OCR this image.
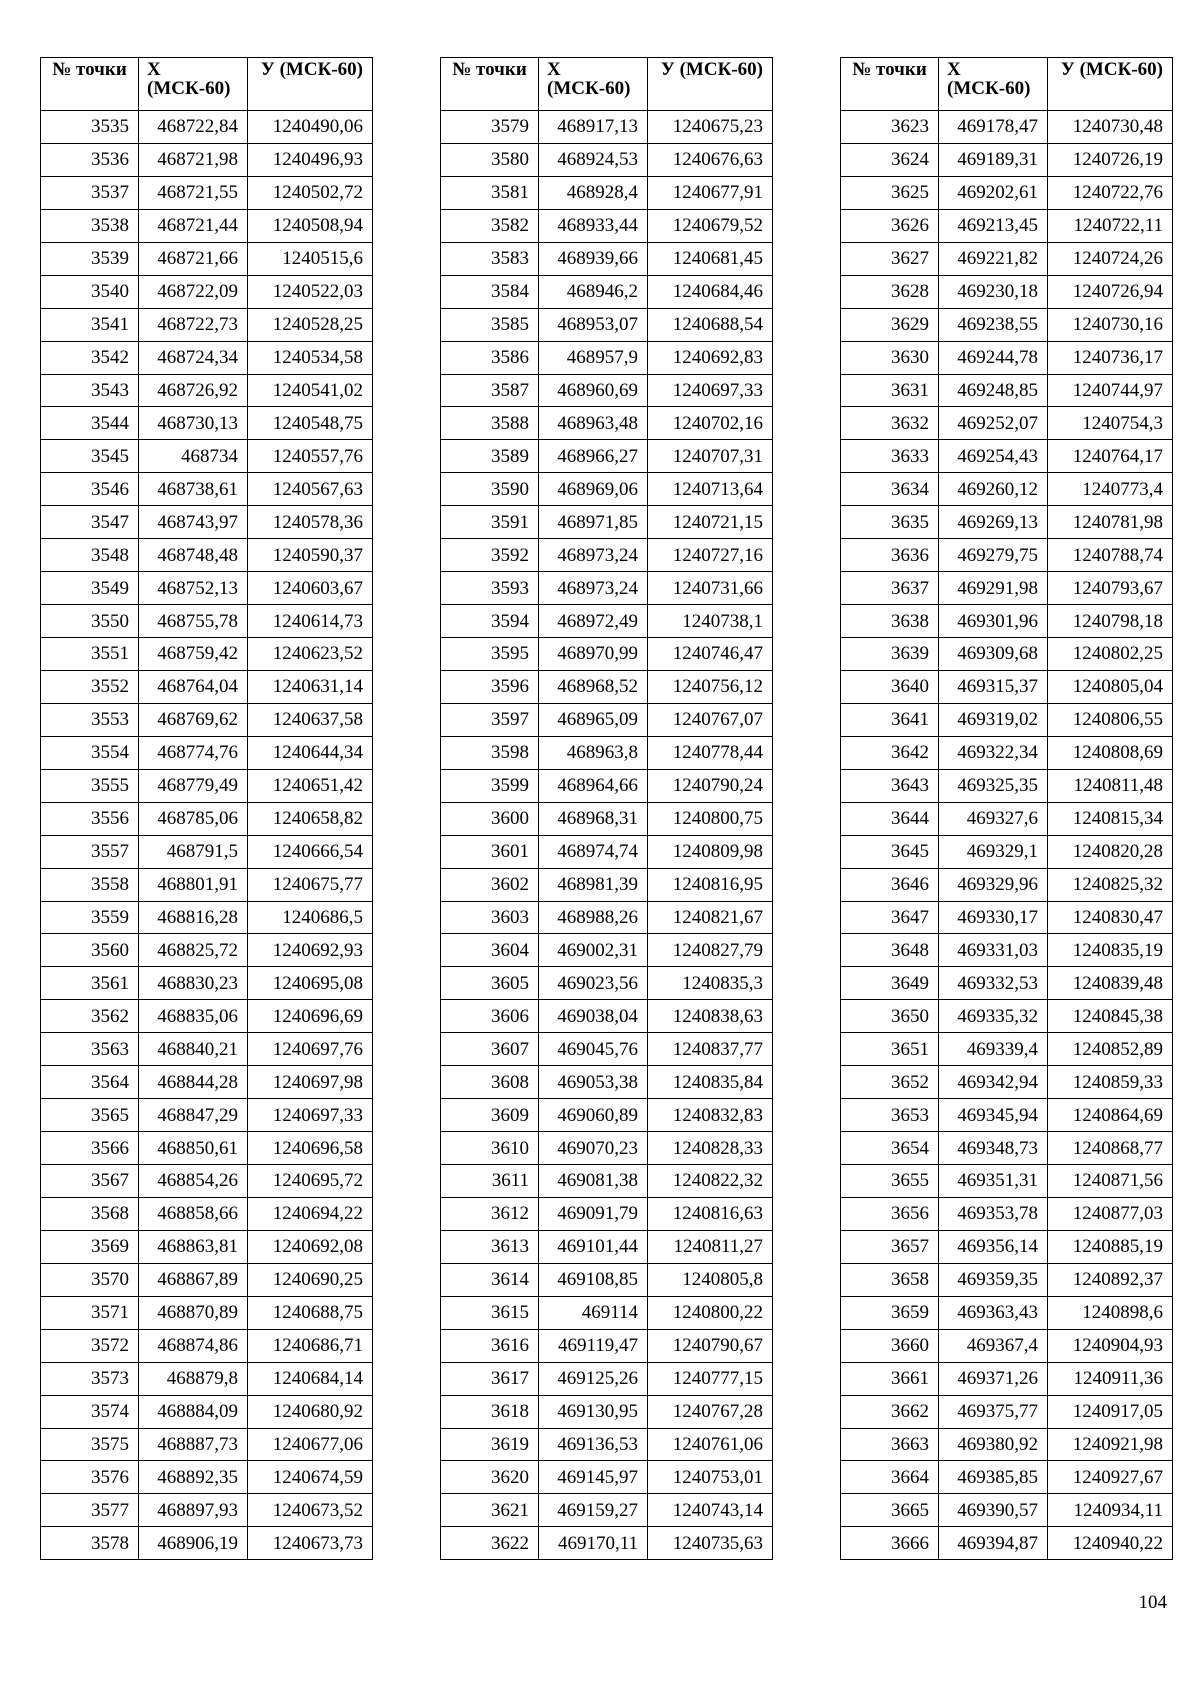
№ точки	X (МСК-60)	У (МСК-60)
3535	468722,84	1240490,06
3536	468721,98	1240496,93
3537	468721,55	1240502,72
3538	468721,44	1240508,94
3539	468721,66	1240515,6
3540	468722,09	1240522,03
3541	468722,73	1240528,25
3542	468724,34	1240534,58
3543	468726,92	1240541,02
3544	468730,13	1240548,75
3545	468734	1240557,76
3546	468738,61	1240567,63
3547	468743,97	1240578,36
3548	468748,48	1240590,37
3549	468752,13	1240603,67
3550	468755,78	1240614,73
3551	468759,42	1240623,52
3552	468764,04	1240631,14
3553	468769,62	1240637,58
3554	468774,76	1240644,34
3555	468779,49	1240651,42
3556	468785,06	1240658,82
3557	468791,5	1240666,54
3558	468801,91	1240675,77
3559	468816,28	1240686,5
3560	468825,72	1240692,93
3561	468830,23	1240695,08
3562	468835,06	1240696,69
3563	468840,21	1240697,76
3564	468844,28	1240697,98
3565	468847,29	1240697,33
3566	468850,61	1240696,58
3567	468854,26	1240695,72
3568	468858,66	1240694,22
3569	468863,81	1240692,08
3570	468867,89	1240690,25
3571	468870,89	1240688,75
3572	468874,86	1240686,71
3573	468879,8	1240684,14
3574	468884,09	1240680,92
3575	468887,73	1240677,06
3576	468892,35	1240674,59
3577	468897,93	1240673,52
3578	468906,19	1240673,73
№ точки	X (МСК-60)	У (МСК-60)
3579	468917,13	1240675,23
3580	468924,53	1240676,63
3581	468928,4	1240677,91
3582	468933,44	1240679,52
3583	468939,66	1240681,45
3584	468946,2	1240684,46
3585	468953,07	1240688,54
3586	468957,9	1240692,83
3587	468960,69	1240697,33
3588	468963,48	1240702,16
3589	468966,27	1240707,31
3590	468969,06	1240713,64
3591	468971,85	1240721,15
3592	468973,24	1240727,16
3593	468973,24	1240731,66
3594	468972,49	1240738,1
3595	468970,99	1240746,47
3596	468968,52	1240756,12
3597	468965,09	1240767,07
3598	468963,8	1240778,44
3599	468964,66	1240790,24
3600	468968,31	1240800,75
3601	468974,74	1240809,98
3602	468981,39	1240816,95
3603	468988,26	1240821,67
3604	469002,31	1240827,79
3605	469023,56	1240835,3
3606	469038,04	1240838,63
3607	469045,76	1240837,77
3608	469053,38	1240835,84
3609	469060,89	1240832,83
3610	469070,23	1240828,33
3611	469081,38	1240822,32
3612	469091,79	1240816,63
3613	469101,44	1240811,27
3614	469108,85	1240805,8
3615	469114	1240800,22
3616	469119,47	1240790,67
3617	469125,26	1240777,15
3618	469130,95	1240767,28
3619	469136,53	1240761,06
3620	469145,97	1240753,01
3621	469159,27	1240743,14
3622	469170,11	1240735,63
№ точки	X (МСК-60)	У (МСК-60)
3623	469178,47	1240730,48
3624	469189,31	1240726,19
3625	469202,61	1240722,76
3626	469213,45	1240722,11
3627	469221,82	1240724,26
3628	469230,18	1240726,94
3629	469238,55	1240730,16
3630	469244,78	1240736,17
3631	469248,85	1240744,97
3632	469252,07	1240754,3
3633	469254,43	1240764,17
3634	469260,12	1240773,4
3635	469269,13	1240781,98
3636	469279,75	1240788,74
3637	469291,98	1240793,67
3638	469301,96	1240798,18
3639	469309,68	1240802,25
3640	469315,37	1240805,04
3641	469319,02	1240806,55
3642	469322,34	1240808,69
3643	469325,35	1240811,48
3644	469327,6	1240815,34
3645	469329,1	1240820,28
3646	469329,96	1240825,32
3647	469330,17	1240830,47
3648	469331,03	1240835,19
3649	469332,53	1240839,48
3650	469335,32	1240845,38
3651	469339,4	1240852,89
3652	469342,94	1240859,33
3653	469345,94	1240864,69
3654	469348,73	1240868,77
3655	469351,31	1240871,56
3656	469353,78	1240877,03
3657	469356,14	1240885,19
3658	469359,35	1240892,37
3659	469363,43	1240898,6
3660	469367,4	1240904,93
3661	469371,26	1240911,36
3662	469375,77	1240917,05
3663	469380,92	1240921,98
3664	469385,85	1240927,67
3665	469390,57	1240934,11
3666	469394,87	1240940,22
104
